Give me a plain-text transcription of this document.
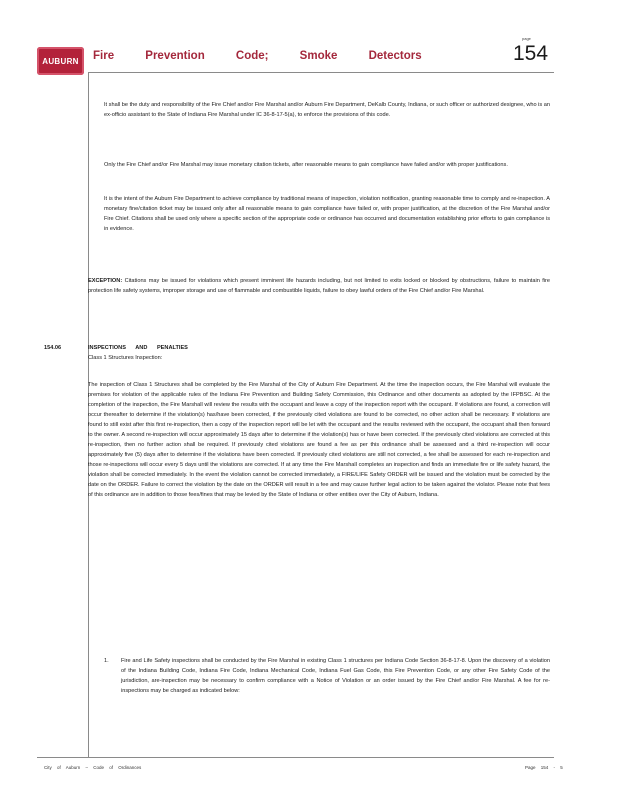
AUBURN Fire Prevention Code; Smoke Detectors
page
154
It shall be the duty and responsibility of the Fire Chief and/or Fire Marshal and/or Auburn Fire Department, DeKalb County, Indiana, or such officer or authorized designee, who is an ex-officio assistant to the State of Indiana Fire Marshal under IC 36-8-17-5(a), to enforce the provisions of this code.
Only the Fire Chief and/or Fire Marshal may issue monetary citation tickets, after reasonable means to gain compliance have failed and/or with proper justifications.
It is the intent of the Auburn Fire Department to achieve compliance by traditional means of inspection, violation notification, granting reasonable time to comply and re-inspection. A monetary fine/citation ticket may be issued only after all reasonable means to gain compliance have failed or, with proper justification, at the discretion of the Fire Marshal and/or Fire Chief. Citations shall be used only where a specific section of the appropriate code or ordinance has occurred and documentation establishing prior efforts to gain compliance is in evidence.
EXCEPTION: Citations may be issued for violations which present imminent life hazards including, but not limited to exits locked or blocked by obstructions, failure to maintain fire protection life safety systems, improper storage and use of flammable and combustible liquids, failure to obey lawful orders of the Fire Chief and/or Fire Marshal.
154.06	INSPECTIONS AND PENALTIES
Class 1 Structures Inspection:
The inspection of Class 1 Structures shall be completed by the Fire Marshal of the City of Auburn Fire Department. At the time the inspection occurs, the Fire Marshal will evaluate the premises for violation of the applicable rules of the Indiana Fire Prevention and Building Safety Commission, this Ordinance and other documents as adopted by the IFPBSC. At the completion of the inspection, the Fire Marshall will review the results with the occupant and leave a copy of the inspection report with the occupant. If violations are found, a correction will occur thereafter to determine if the violation(s) has/have been corrected, if the previously cited violations are found to be corrected, no other action shall be necessary. If violations are found to still exist after this first re-inspection, then a copy of the inspection report will be let with the occupant and the results reviewed with the occupant, the occupant shall then forward to the owner. A second re-inspection will occur approximately 15 days after to determine if the violation(s) has or have been corrected. If the previously cited violations are corrected at this re-inspection, then no further action shall be required. If previously cited violations are found a fee as per this ordinance shall be assessed and a third re-inspection will occur approximately five (5) days after to determine if the violations have been corrected. If previously cited violations are still not corrected, a fee shall be assessed for each re-inspection and those re-inspections will occur every 5 days until the violations are corrected. If at any time the Fire Marshall completes an inspection and finds an immediate fire or life safety hazard, the violation shall be corrected immediately. In the event the violation cannot be corrected immediately, a FIRE/LIFE Safety ORDER will be issued and the violation must be corrected by the date on the ORDER. Failure to correct the violation by the date on the ORDER will result in a fee and may cause further legal action to be taken against the violator. Please note that fees of this ordinance are in addition to those fees/fines that may be levied by the State of Indiana or other entities over the City of Auburn, Indiana.
1. Fire and Life Safety inspections shall be conducted by the Fire Marshal in existing Class 1 structures per Indiana Code Section 36-8-17-8. Upon the discovery of a violation of the Indiana Building Code, Indiana Fire Code, Indiana Mechanical Code, Indiana Fuel Gas Code, this Fire Prevention Code, or any other Fire Safety Code of the jurisdiction, are-inspection may be necessary to confirm compliance with a Notice of Violation or an order issued by the Fire Chief and/or Fire Marshal. A fee for re-inspections may be charged as indicated below:
City of Auburn – Code of Ordinances	Page 154 - 5
